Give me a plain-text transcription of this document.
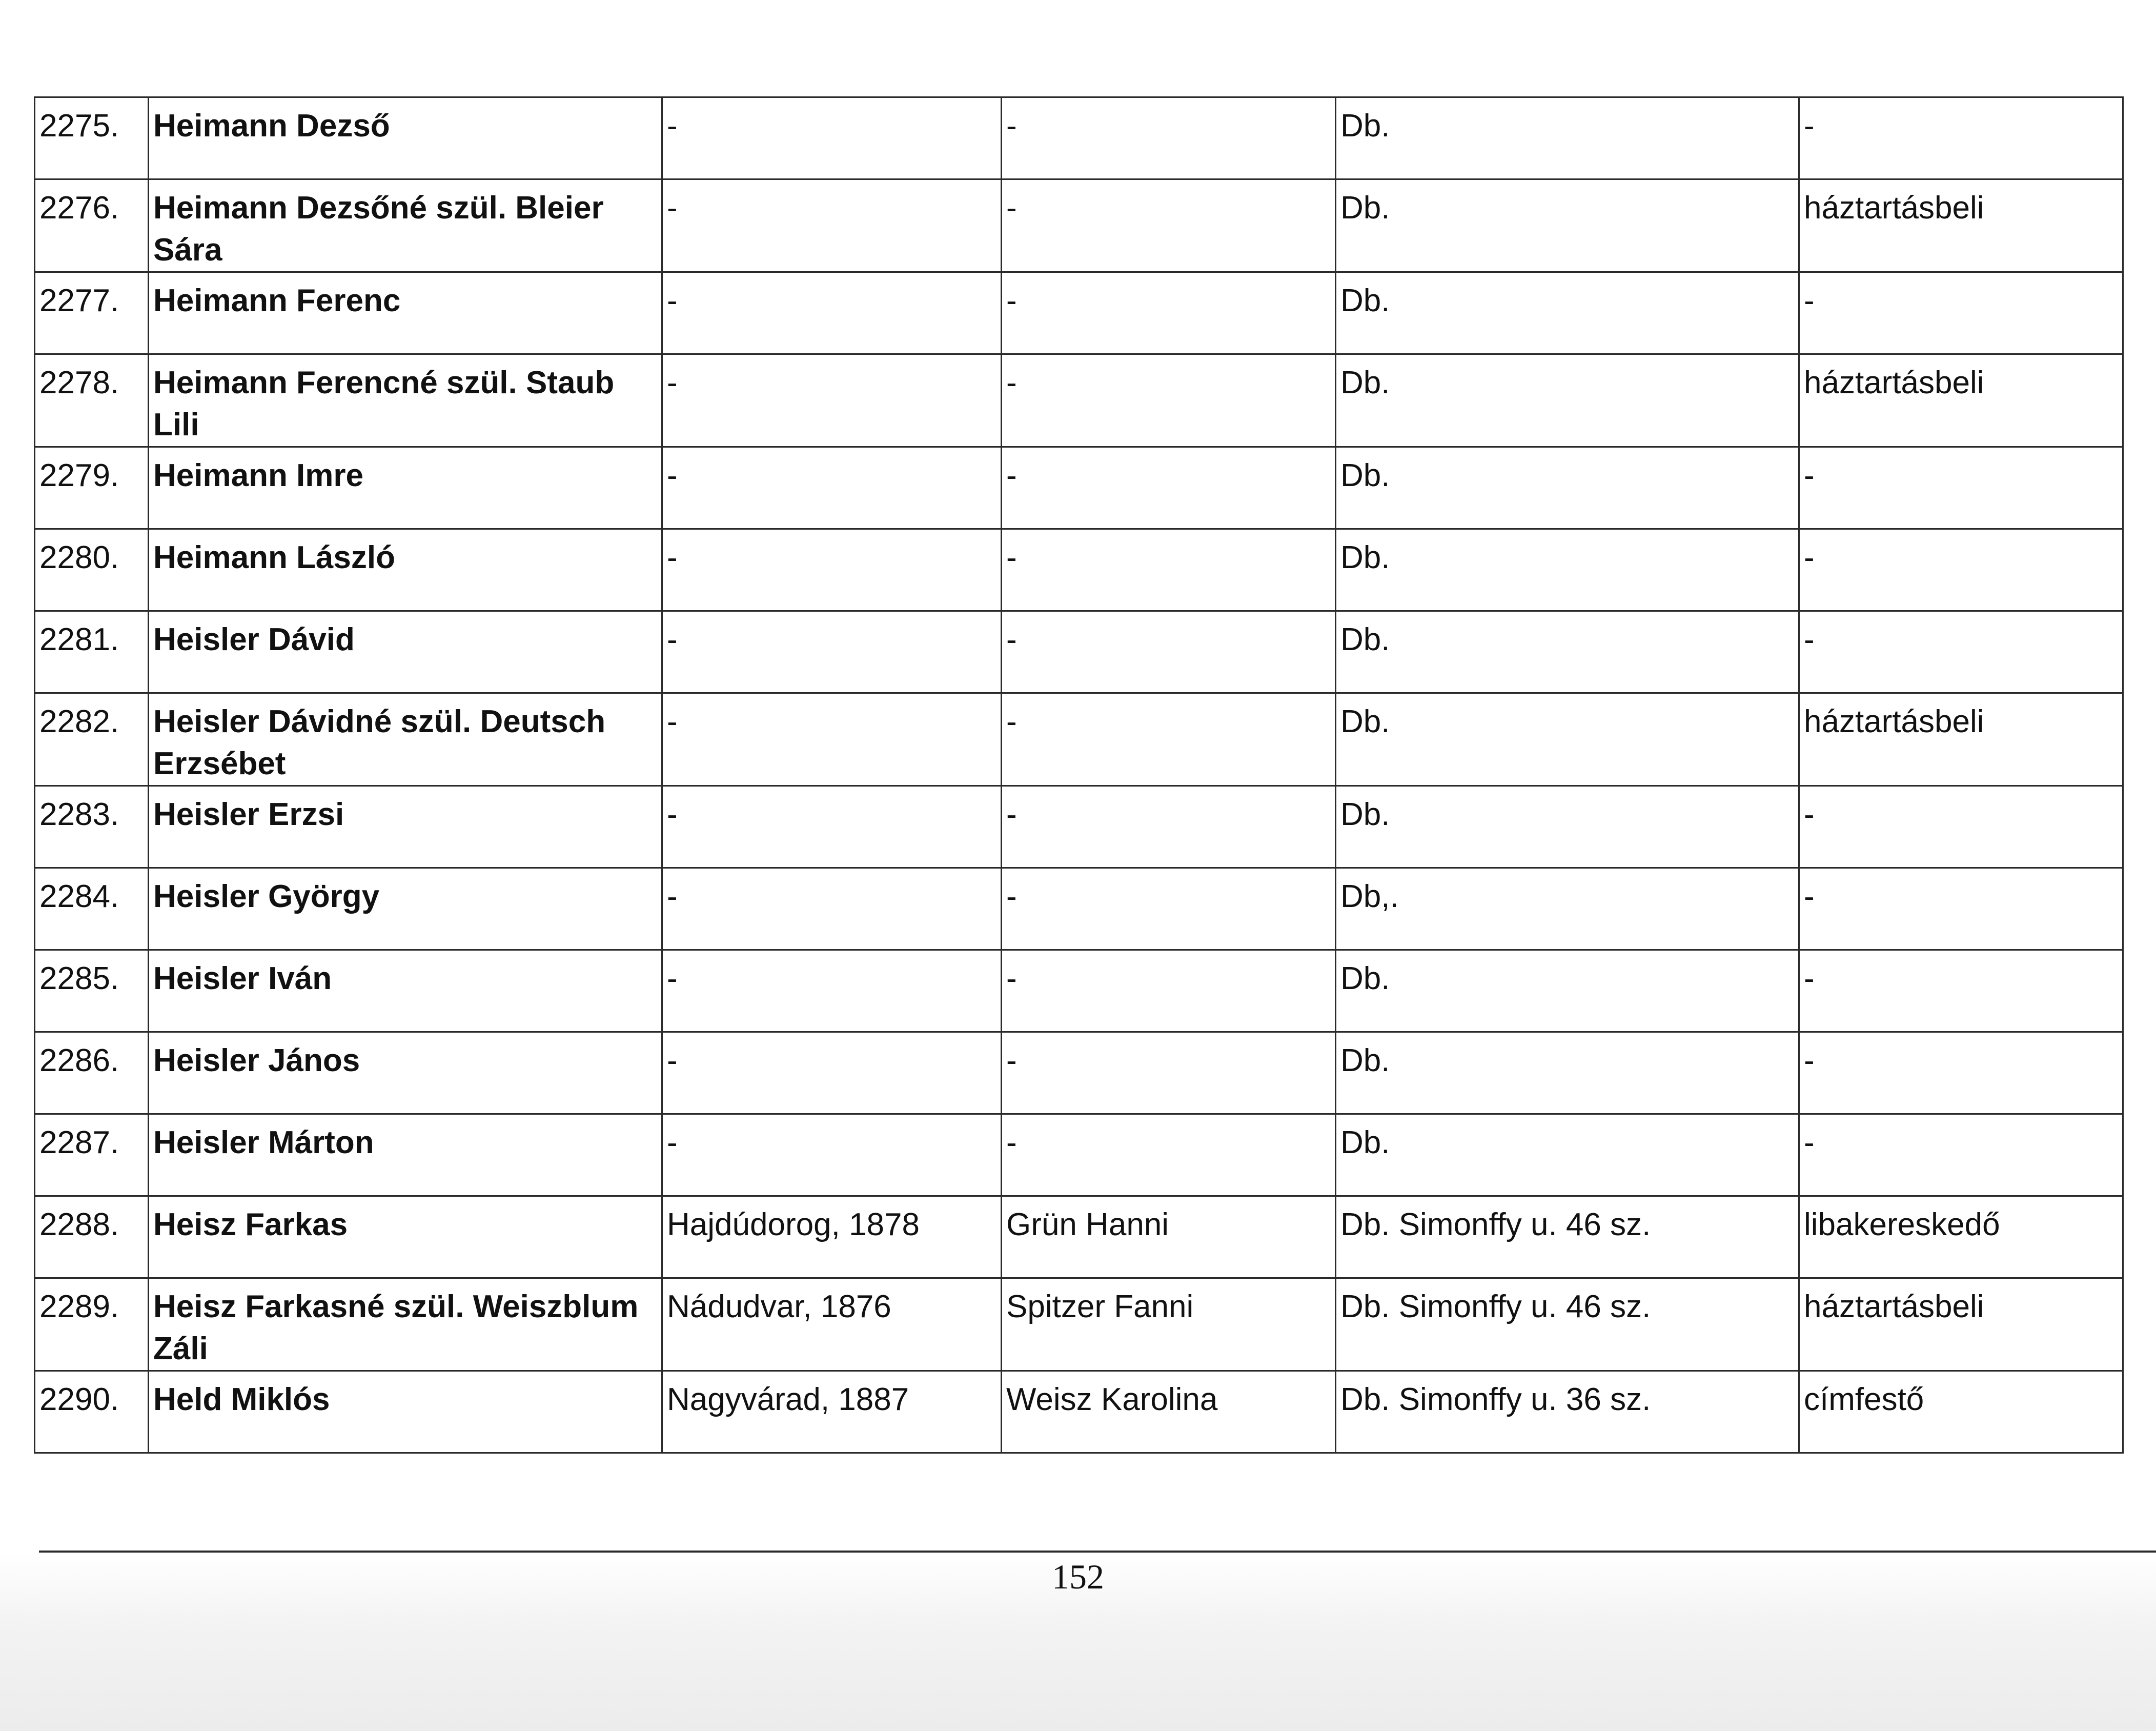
2275.	Heimann Dezső	-	-	Db.	-
2276.	Heimann Dezsőné szül. Bleier Sára	-	-	Db.	háztartásbeli
2277.	Heimann Ferenc	-	-	Db.	-
2278.	Heimann Ferencné szül. Staub Lili	-	-	Db.	háztartásbeli
2279.	Heimann Imre	-	-	Db.	-
2280.	Heimann László	-	-	Db.	-
2281.	Heisler Dávid	-	-	Db.	-
2282.	Heisler Dávidné szül. Deutsch Erzsébet	-	-	Db.	háztartásbeli
2283.	Heisler Erzsi	-	-	Db.	-
2284.	Heisler György	-	-	Db,.	-
2285.	Heisler Iván	-	-	Db.	-
2286.	Heisler János	-	-	Db.	-
2287.	Heisler Márton	-	-	Db.	-
2288.	Heisz Farkas	Hajdúdorog, 1878	Grün Hanni	Db. Simonffy u. 46 sz.	libakereskedő
2289.	Heisz Farkasné szül. Weiszblum Záli	Nádudvar, 1876	Spitzer Fanni	Db. Simonffy u. 46 sz.	háztartásbeli
2290.	Held Miklós	Nagyvárad, 1887	Weisz Karolina	Db. Simonffy u. 36 sz.	címfestő
152
